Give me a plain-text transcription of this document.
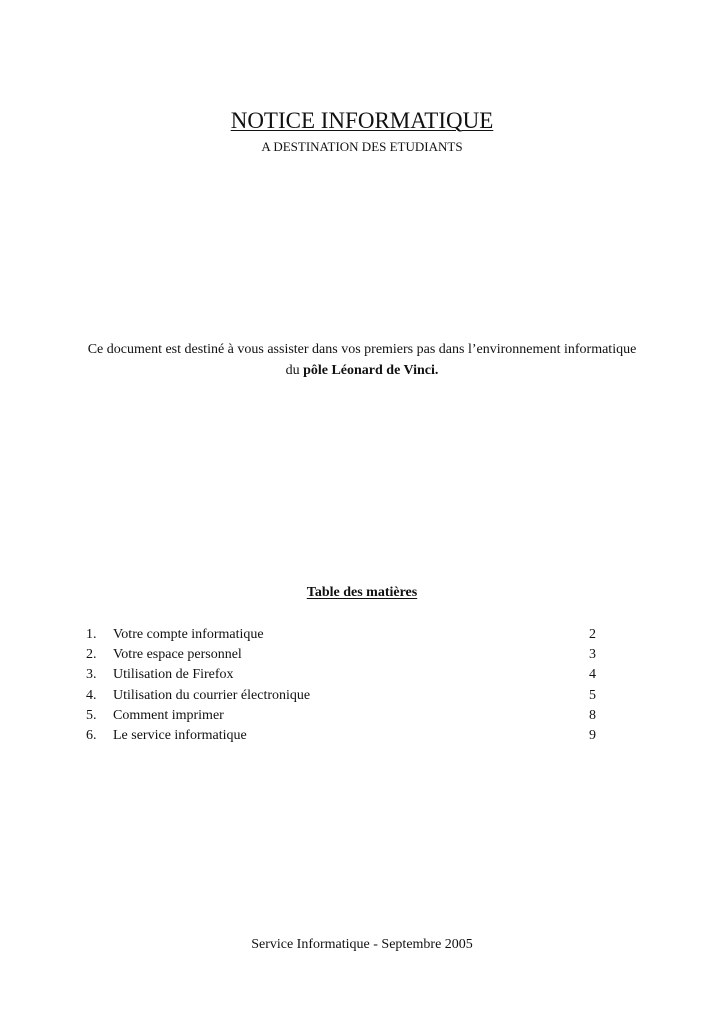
NOTICE INFORMATIQUE
A DESTINATION DES ETUDIANTS
Ce document est destiné à vous assister dans vos premiers pas dans l’environnement informatique
du pôle Léonard de Vinci.
Table des matières
1.	Votre compte informatique	2
2.	Votre espace personnel	3
3.	Utilisation de Firefox	4
4.	Utilisation du courrier électronique	5
5.	Comment imprimer	8
6.	Le service informatique	9
Service Informatique - Septembre 2005
